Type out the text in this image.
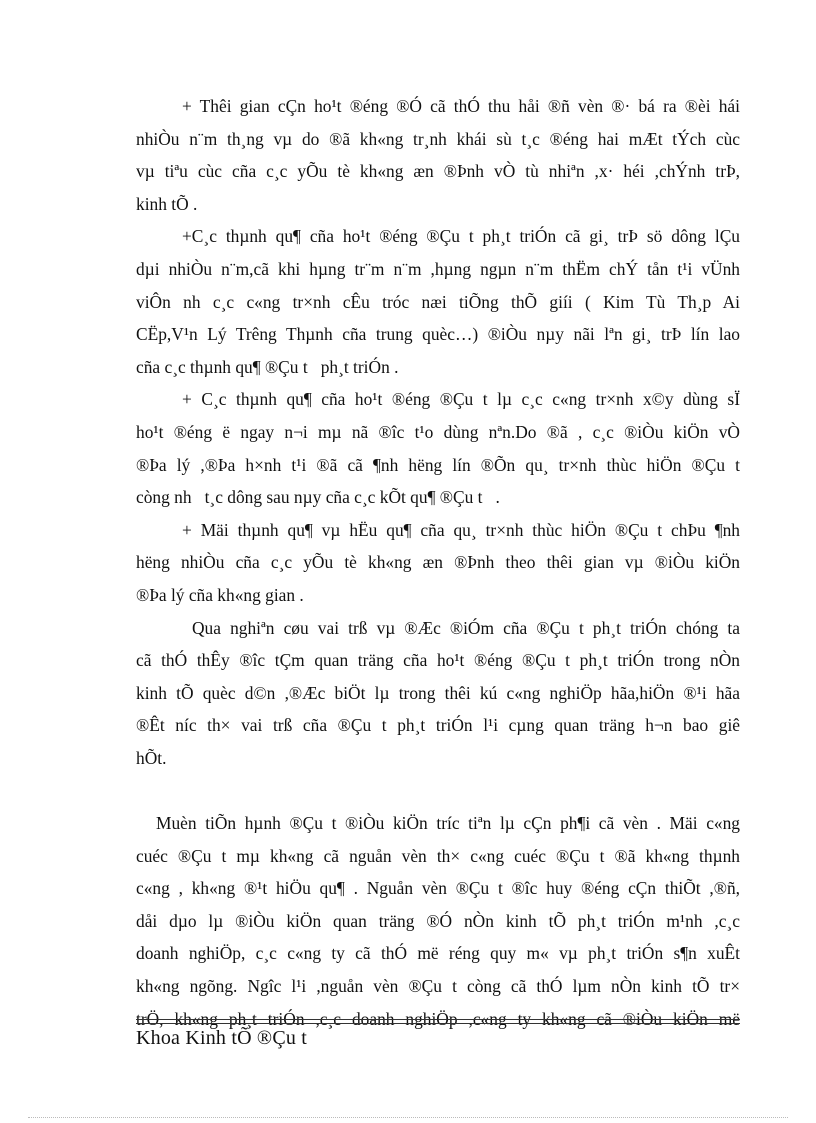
+ Thêi gian cÇn ho¹t ®éng ®Ó cã thÓ thu håi ®ñ vèn ®· bá ra ®èi hái
nhiÒu n¨m th¸ng vµ do ®ã kh«ng tr¸nh khái sù t¸c ®éng hai mÆt tÝch cùc
vµ tiªu cùc cña c¸c yÕu tè kh«ng æn ®Þnh vÒ tù nhiªn ,x· héi ,chÝnh trÞ,
kinh tÕ .
+C¸c thµnh qu¶ cña ho¹t ®éng ®Çu t ph¸t triÓn cã gi¸ trÞ sö dông lÇu
dµi nhiÒu n¨m,cã khi hµng tr¨m n¨m ,hµng ngµn n¨m thËm chÝ tån t¹i vÜnh
viÔn nh c¸c c«ng tr×nh cÊu tróc næi tiÕng thÕ giíi ( Kim Tù Th¸p Ai
CËp,V¹n Lý Trêng Thµnh cña trung quèc…) ®iÒu nµy nãi lªn gi¸ trÞ lín lao
cña c¸c thµnh qu¶ ®Çu t   ph¸t triÓn .
+ C¸c thµnh qu¶ cña ho¹t ®éng ®Çu t lµ c¸c c«ng tr×nh x©y dùng sÏ
ho¹t ®éng ë ngay n¬i mµ nã ®îc t¹o dùng nªn.Do ®ã , c¸c ®iÒu kiÖn vÒ
®Þa lý ,®Þa h×nh t¹i ®ã cã ¶nh hëng lín ®Õn qu¸ tr×nh thùc hiÖn ®Çu t
còng nh   t¸c dông sau nµy cña c¸c kÕt qu¶ ®Çu t   .
+ Mäi thµnh qu¶ vµ hËu qu¶ cña qu¸ tr×nh thùc hiÖn ®Çu t chÞu ¶nh
hëng nhiÒu cña c¸c yÕu tè kh«ng æn ®Þnh theo thêi gian vµ ®iÒu kiÖn
®Þa lý cña kh«ng gian .
Qua nghiªn cøu vai trß vµ ®Æc ®iÓm cña ®Çu t ph¸t triÓn chóng ta
cã thÓ thÊy ®îc tÇm quan träng cña ho¹t ®éng ®Çu t ph¸t triÓn trong nÒn
kinh tÕ quèc d©n ,®Æc biÖt lµ trong thêi kú c«ng nghiÖp hãa,hiÖn ®¹i hãa
®Êt níc th× vai trß cña ®Çu t ph¸t triÓn l¹i cµng quan träng h¬n bao giê
hÕt.

Muèn tiÕn hµnh ®Çu t ®iÒu kiÖn tríc tiªn lµ cÇn ph¶i cã vèn . Mäi c«ng
cuéc ®Çu t mµ kh«ng cã nguån vèn th× c«ng cuéc ®Çu t ®ã kh«ng thµnh
c«ng , kh«ng ®¹t hiÖu qu¶ . Nguån vèn ®Çu t ®îc huy ®éng cÇn thiÕt ,®ñ,
dåi dµo lµ ®iÒu kiÖn quan träng ®Ó nÒn kinh tÕ ph¸t triÓn m¹nh ,c¸c
doanh nghiÖp, c¸c c«ng ty cã thÓ më réng quy m« vµ ph¸t triÓn s¶n xuÊt
kh«ng ngõng. Ngîc l¹i ,nguån vèn ®Çu t còng cã thÓ lµm nÒn kinh tÕ tr×
trÖ, kh«ng ph¸t triÓn ,c¸c doanh nghiÖp ,c«ng ty kh«ng cã ®iÒu kiÖn më
Khoa Kinh tÕ ®Çu t
